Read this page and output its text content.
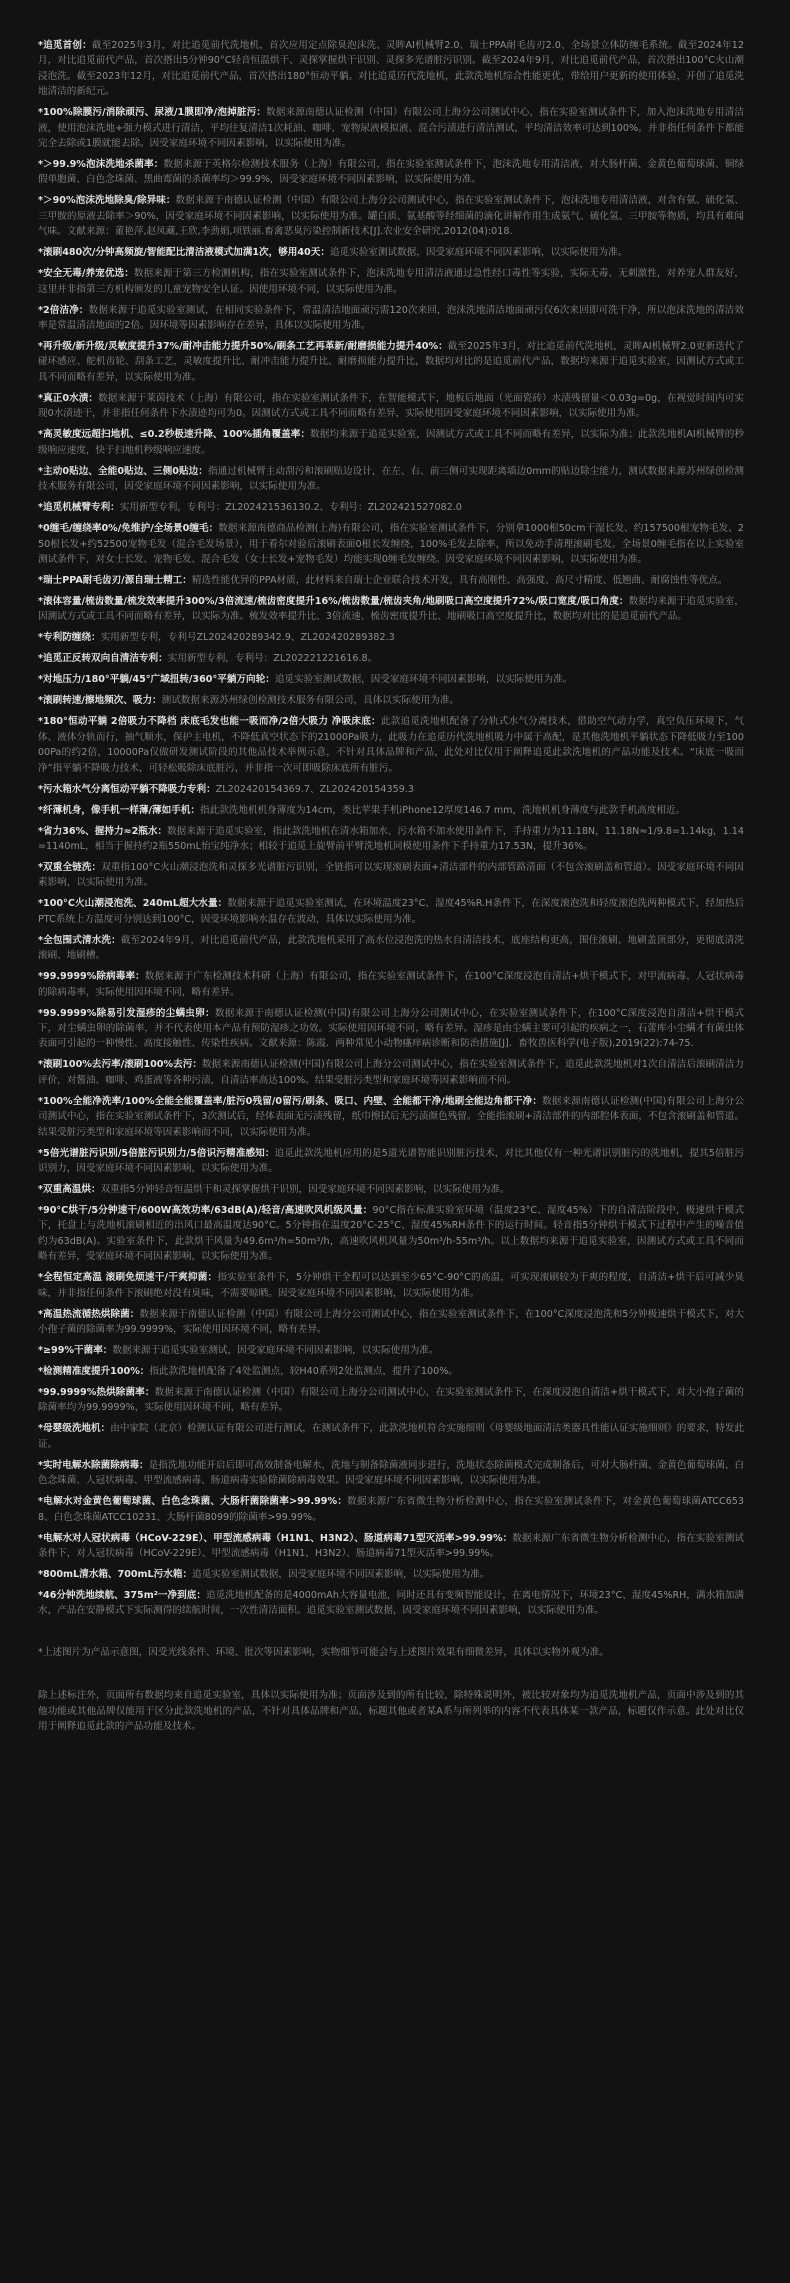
*追觅首创：截至2025年3月，对比追觅前代洗地机，首次应用定点除臭泡沫洗、灵眸AI机械臂2.0、瑞士PPA耐毛齿刃2.0、全场景立体防缠毛系统。截至2024年12月，对比追觅前代产品，首次搭出5分钟90°C轻音恒温烘干、灵探掌握烘干识别、灵探多光谱脏污识别。截至2024年9月，对比追觅前代产品，首次搭出100°C火山潮浸泡洗。截至2023年12月，对比追觅前代产品，首次搭出180°恒动平躺。对比追觅历代洗地机，此款洗地机综合性能更优，带给用户更新的使用体验，开创了追觅洗地清洁的新纪元。
*100%除膜污/消除顽污、尿液/1膜即净/泡掉脏污：数据来源南德认证检测（中国）有限公司上海分公司测试中心，指在实验室测试条件下，加入泡沫洗地专用清洁液，使用泡沫洗地+强力模式进行清洁，平均往复清洁1次耗油、咖啡、宠物尿液模拟液、混合污渍进行清洁测试，平均清洁效率可达到100%。并非指任何条件下都能完全去除或1膜就能去除。因受家庭环境不同因素影响，以实际使用为准。
*＞99.9%泡沫洗地杀菌率：数据来源于英格尔检测技术服务（上海）有限公司，指在实验室测试条件下，泡沫洗地专用清洁液，对大肠杆菌、金黄色葡萄球菌、铜绿假单胞菌、白色念珠菌、黑曲霉菌的杀菌率均＞99.9%，因受家庭环境不同因素影响，以实际使用为准。
*＞90%泡沫洗地除臭/除异味：数据来源于南德认证检测（中国）有限公司上海分公司测试中心，指在实验室测试条件下，泡沫洗地专用清洁液，对含有氨、硫化氢、三甲胺的原液去除率＞90%，因受家庭环境不同因素影响，以实际使用为准。罐白质、氨基酸等经细菌的滴化讲解作用生成氨气、硫化氢、三甲胺等物质，均具有难闻气味。文献来源：董艳萍,赵凤藏,王欣,李劲娟,项铁丽.畜禽恶臭污染控制新技术[J].农业安全研究,2012(04):018.
*滚刷480次/分钟高频旋/智能配比清洁液模式加满1次，够用40天：追觅实验室测试数据，因受家庭环境不同因素影响，以实际使用为准。
*安全无毒/养宠优选：数据来源于第三方检测机构，指在实验室测试条件下，泡沫洗地专用清洁液通过急性经口毒性等实验，实际无毒、无刺激性，对养宠人群友好，这里并非指第三方机构颁发的儿童宠物安全认证。因使用环境不同，以实际使用为准。
*2倍洁净：数据来源于追觅实验室测试，在相同实验条件下，常温清洁地面顽污需120次来回，泡沫洗地清洁地面顽污仅6次来回即可洗干净，所以泡沫洗地的清洁效率是常温清洁地面的2倍。因环境等因素影响存在差异，具体以实际使用为准。
*再升级/新升级/灵敏度提升37%/耐冲击能力提升50%/刷条工艺再革新/耐磨损能力提升40%：截至2025年3月，对比追觅前代洗地机，灵眸AI机械臂2.0更新迭代了碰环感应、舵机齿轮、刮条工艺，灵敏度提升比、耐冲击能力提升比、耐磨损能力提升比，数据均对比的是追觅前代产品，数据均来源于追觅实验室，因测试方式或工具不同而略有差异，以实际使用为准。
*真正0水渍：数据来源于莱茵技术（上海）有限公司，指在实验室测试条件下，在智能模式下，地板后地面（光面瓷砖）水渍残留量＜0.03g=0g，在视觉时间内可实现0水渍迹干，并非指任何条件下水渍迹均可为0。因测试方式或工具不同而略有差异，实际使用因受家庭环境不同因素影响，以实际使用为准。
*高灵敏度远超扫地机、≤0.2秒极速升降、100%插角覆盖率：数据均来源于追觅实验室，因测试方式或工具不同而略有差异，以实际为准；此款洗地机AI机械臂的秒级响应速度，快于扫地机秒级响应速度。
*主动0贴边、全能0贴边、三侧0贴边：指通过机械臂主动刮污和滚刷贴边设计，在左、右、前三侧可实现距离墙边0mm的贴边除尘能力，测试数据来源苏州绿创检测技术服务有限公司，因受家庭环境不同因素影响，以实际使用为准。
*追觅机械臂专利：实用新型专利，专利号：ZL202421536130.2、专利号：ZL202421527082.0
*0缠毛/缠绕率0%/免维护/全场景0缠毛：数据来源南德商品检测(上海)有限公司，指在实验室测试条件下，分别拿1000根50cm干湿长发、约157500根宠物毛发、250根长发+约52500宠物毛发（混合毛发场景），用于看尔对验后滚刷表面0根长发缠绕，100%毛发去除率，所以免动手清理滚刷毛发。全场景0缠毛指在以上实验室测试条件下，对女士长发、宠物毛发、混合毛发（女士长发+宠物毛发）均能实现0缠毛发缠绕。因受家庭环境不同因素影响，以实际使用为准。
*瑞士PPA耐毛齿刃/源自瑞士精工：精选性能优异的PPA材质，此材料来自瑞士企业联合技术开发，具有高刚性、高强度、高尺寸精度、低翘曲、耐腐蚀性等优点。
*滚体容量/梳齿数量/梳发效率提升300%/3倍流速/梳齿密度提升16%/梳齿数量/梳齿夹角/地刷吸口高空度提升72%/吸口宽度/吸口角度：数据均来源于追觅实验室，因测试方式或工具不同而略有差异，以实际为准。梳发效率提升比、3倍流速、梳齿密度提升比、地刷吸口高空度提升比，数据均对比的是追觅前代产品。
*专利防缠绕：实用新型专利，专利号ZL202420289342.9、ZL202420289382.3
*追觅正反转双向自清洁专利：实用新型专利，专利号：ZL202221221616.8。
*对地压力/180°平躺/45°广域扭转/360°平躺万向轮：追觅实验室测试数据，因受家庭环境不同因素影响，以实际使用为准。
*滚刷转速/擦地频次、吸力：测试数据来源苏州绿创检测技术服务有限公司，具体以实际使用为准。
*180°恒动平躺 2倍吸力不降档 床底毛发也能一吸而净/2倍大吸力 净吸床底：此款追觅洗地机配备了分轨式水气分离技术，借助空气动力学，真空负压环境下，气体、液体分轨而行，抽气顺水，保护主电机，不降低真空状态下的21000Pa吸力，此吸力在追觅历代洗地机吸力中属于高配，是其他洗地机平躺状态下降低吸力至10000Pa的约2倍，10000Pa仅做研发测试阶段的其他品技术举例示意，不针对具体品牌和产品，此处对比仅用于阐释追觅此款洗地机的产品功能及技术。“床底一吸而净”指平躺不降吸力技术，可轻松吸除床底脏污，并非指一次可即吸除床底所有脏污。
*污水箱水气分离恒动平躺不降吸力专利：ZL202420154369.7、ZL202420154359.3
*纤薄机身，像手机一样薄/薄如手机：指此款洗地机机身薄度为14cm，类比苹果手机iPhone12厚度146.7 mm，洗地机机身薄度与此款手机高度相近。
*省力36%、握持力≈2瓶水：数据来源于追觅实验室，指此款洗地机在清水箱加水、污水箱不加水使用条件下，手持重力为11.18N，11.18N≈1/9.8=1.14kg，1.14=1140mL，相当于握持约2瓶550mL怡宝纯净水；相较于追觅上旋臂前平臂洗地机同模使用条件下手持重力17.53N，提升36%。
*双重全链洗：双重指100°C火山潮浸泡洗和灵探多光谱脏污识别，全链指可以实现滚刷表面+清洁部件的内部管路清面（不包含滚刷盖和管道）。因受家庭环境不同因素影响，以实际使用为准。
*100°C火山潮浸泡洗、240mL超大水量：数据来源于追觅实验室测试，在环境温度23°C、湿度45%R.H条件下，在深度滚泡洗和轻度滚泡洗两种模式下，经加热后PTC系统上方温度可分别达到100°C，因受环境影响水温存在波动，具体以实际使用为准。
*全包围式清水洗：截至2024年9月，对比追觅前代产品，此款洗地机采用了高水位浸泡洗的热水自清洁技术，底座结构更高，围住滚刷、地刷盖顶部分，更彻底清洗滚刷、地刷槽。
*99.9999%除病毒率：数据来源于广东检测技术科研（上海）有限公司，指在实验室测试条件下，在100°C深度浸泡自清洁+烘干模式下，对甲流病毒、人冠状病毒的除病毒率，实际使用因环境不同，略有差异。
*99.9999%除易引发湿疹的尘螨虫卵：数据来源于南德认证检测(中国)有限公司上海分公司测试中心，在实验室测试条件下，在100°C深度浸泡自清洁+烘干模式下，对尘螨虫卵的除菌率，并不代表使用本产品有预防湿疹之功效。实际使用因环境不同，略有差异。湿疹是由尘螨主要可引起的疾病之一，石蕾库小尘螨才有菌虫体表面可引起的一种慢性、高度接触性、传染性疾病。文献来源：陈霞．两种常见小动物瘙痒病诊断和防治措施[J]．畜牧兽医科学(电子版),2019(22):74-75.
*滚刷100%去污率/滚刷100%去污：数据来源南德认证检测(中国)有限公司上海分公司测试中心，指在实验室测试条件下，追觅此款洗地机对1次自清洁后滚刷清洁力评价，对酱油、咖啡、鸡蛋液等各种污渍，自清洁率高达100%。结果受脏污类型和家庭环境等因素影响而不同。
*100%全能净洗率/100%全能全能覆盖率/脏污0残留/0留污/刷条、吸口、内壁、全能都干净/地刷全能边角都干净：数据来源南德认证检测(中国)有限公司上海分公司测试中心，指在实验室测试条件下，3次测试后，经体表面无污渍残留，纸巾擦拭后无污渍颜色残留。全能指滚刷+清洁部件的内部腔体表面，不包含滚刷盖和管道。结果受脏污类型和家庭环境等因素影响而不同，以实际使用为准。
*5倍光谱脏污识别/5倍脏污识别力/5倍识污精准感知：追觅此款洗地机应用的是5道光谱智能识别脏污技术，对比其他仅有一种光谱识别脏污的洗地机，提其5倍脏污识别力，因受家庭环境不同因素影响，以实际使用为准。
*双重高温烘：双重指5分钟轻音恒温烘干和灵探掌握烘干识别，因受家庭环境不同因素影响，以实际使用为准。
*90°C烘干/5分钟速干/600W高效功率/63dB(A)/轻音/高速吹风机级风量：90°C指在标准实验室环境（温度23°C、湿度45%）下的自清洁阶段中，极速烘干模式下，托盘上与洗地机滚刷相近的出风口最高温度达90°C。5分钟指在温度20°C-25°C、湿度45%RH条件下的运行时间。轻音指5分钟烘干模式下过程中产生的噪音值约为63dB(A)。实验室条件下，此款烘干风量为49.6m³/h=50m³/h，高速吹风机风量为50m³/h-55m³/h。以上数据均来源于追觅实验室，因测试方式或工具不同而略有差异，受家庭环境不同因素影响，以实际使用为准。
*全程恒定高温 滚刷免烦速干/干爽抑菌：指实验室条件下，5分钟烘干全程可以达到至少65°C-90°C的高温，可实现滚刷较为干爽的程度，自清洁+烘干后可减少臭味，并非指任何条件下滚刷绝对没有臭味，不需要晾晒。因受家庭环境不同因素影响，以实际使用为准。
*高温热流循热烘除菌：数据来源于南德认证检测（中国）有限公司上海分公司测试中心，指在实验室测试条件下，在100°C深度浸泡洗和5分钟极速烘干模式下，对大小孢子菌的除菌率为99.9999%，实际使用因环境不同，略有差异。
*≥99%干菌率：数据来源于追觅实验室测试，因受家庭环境不同因素影响，以实际使用为准。
*检测精准度提升100%：指此款洗地机配备了4处监测点，较H40系列2处监测点，提升了100%。
*99.9999%热烘除菌率：数据来源于南德认证检测（中国）有限公司上海分公司测试中心，在实验室测试条件下，在深度浸泡自清洁+烘干模式下，对大小孢子菌的除菌率均为99.9999%，实际使用因环境不同，略有差异。
*母婴级洗地机：由中家院（北京）检测认证有限公司进行测试，在测试条件下，此款洗地机符合实施细则《母婴级地面清洁类器具性能认证实施细则》的要求，特发此证。
*实时电解水除菌除病毒：是指洗地功能开启后即可高效制备电解水，洗地与制备除菌液同步进行，洗地状态除菌模式完成制备后，可对大肠杆菌、金黄色葡萄球菌、白色念珠菌、人冠状病毒、甲型流感病毒、肠道病毒实验除菌除病毒效果。因受家庭环境不同因素影响，以实际使用为准。
*电解水对金黄色葡萄球菌、白色念珠菌、大肠杆菌除菌率>99.99%：数据来源广东省微生物分析检测中心，指在实验室测试条件下，对金黄色葡萄球菌ATCC6538、白色念珠菌ATCC10231、大肠杆菌8099的除菌率>99.99%。
*电解水对人冠状病毒（HCoV-229E）、甲型流感病毒（H1N1、H3N2）、肠道病毒71型灭活率>99.99%：数据来源广东省微生物分析检测中心，指在实验室测试条件下，对人冠状病毒（HCoV-229E）、甲型流感病毒（H1N1、H3N2）、肠道病毒71型灭活率>99.99%。
*800mL清水箱、700mL污水箱：追觅实验室测试数据，因受家庭环境不同因素影响，以实际使用为准。
*46分钟洗地续航、375m²一净到底：追觅洗地机配备的是4000mAh大容量电池，同时还具有变频智能设计，在离电情况下，环境23°C、湿度45%RH，满水箱加满水，产品在安静模式下实际测得的续航时间，一次性清洁面积。追觅实验室测试数据，因受家庭环境不同因素影响，以实际使用为准。

*上述图片为产品示意图，因受光线条件、环境、批次等因素影响，实物细节可能会与上述图片效果有细微差异，具体以实物外观为准。

除上述标注外，页面所有数据均来自追觅实验室，具体以实际使用为准；页面涉及到的所有比较，除特殊说明外，被比较对象均为追觅洗地机产品，页面中涉及到的其他功能或其他品牌仅能用于区分此款洗地机的产品，不针对具体品牌和产品，标题其他或者某A系与所列举的内容不代表具体某一款产品，标题仅作示意。此处对比仅用于阐释追觅此款的产品功能及技术。
